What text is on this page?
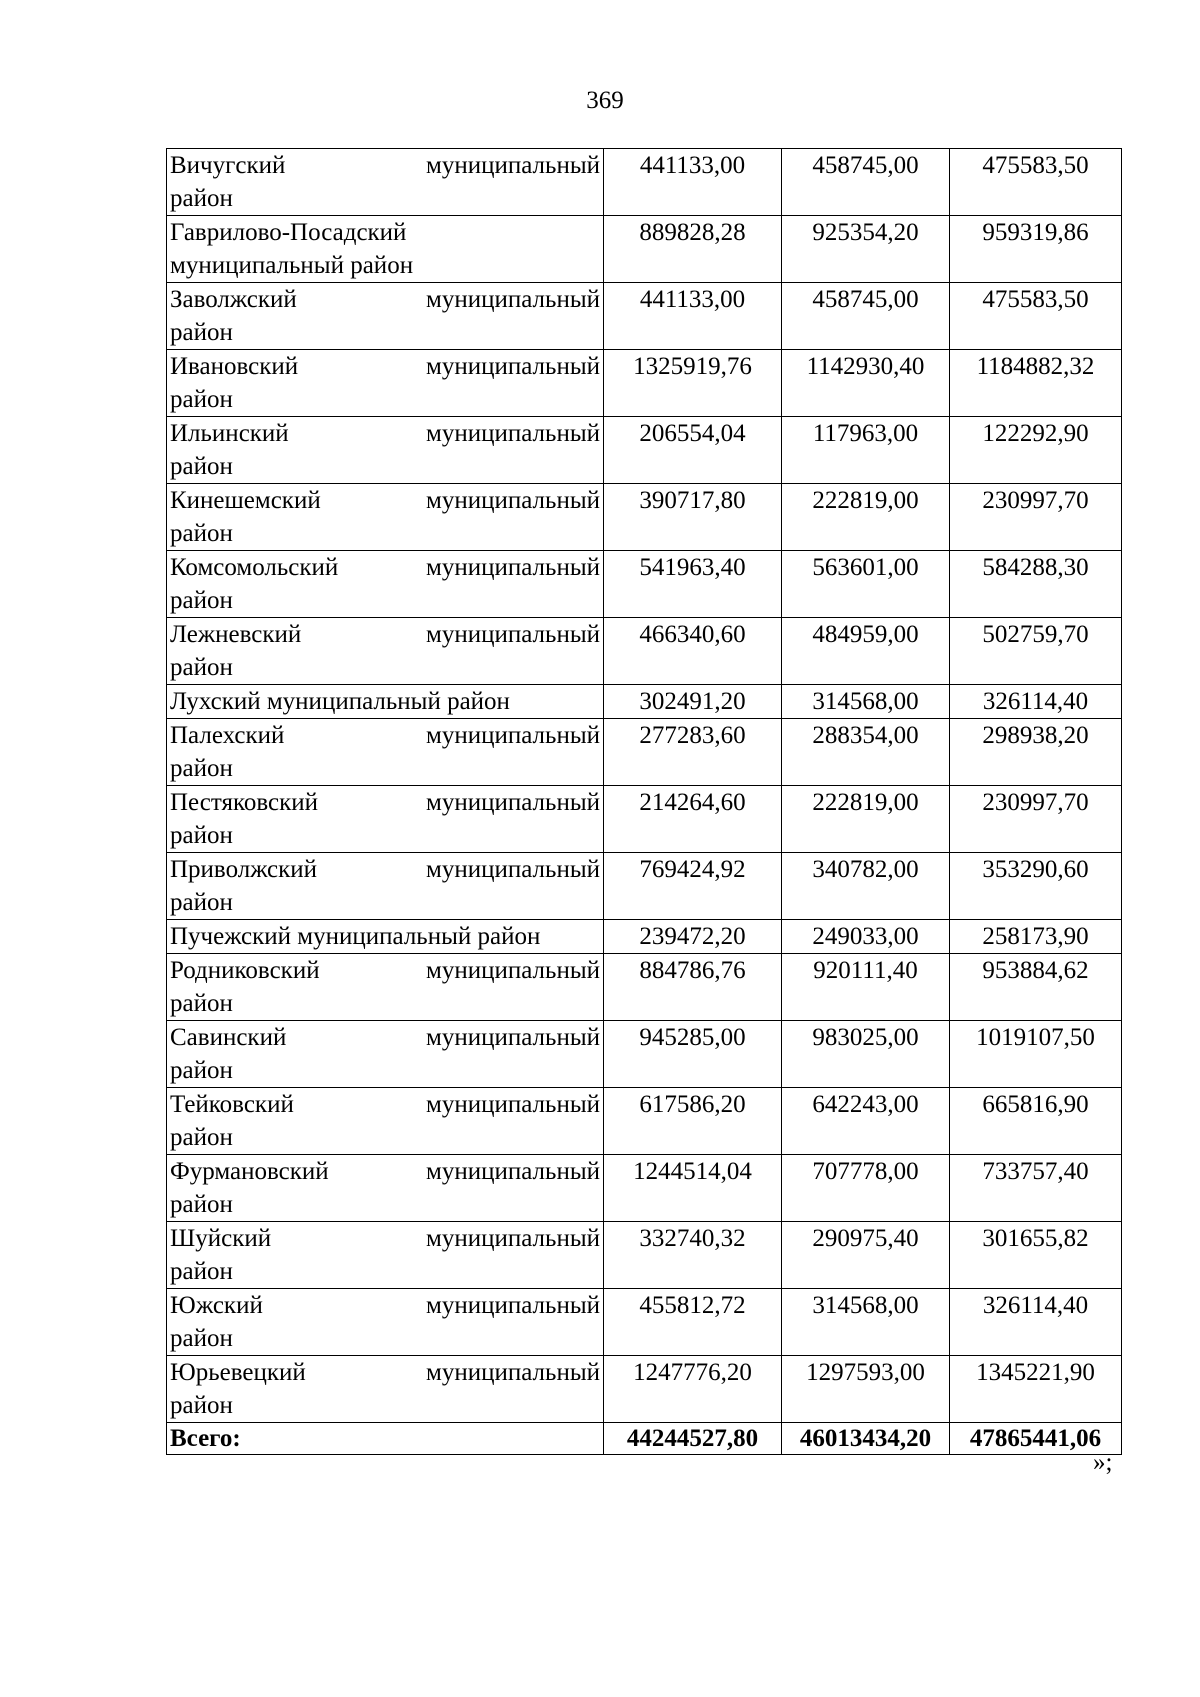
369
Вичугский муниципальный
район	441133,00	458745,00	475583,50

Гаврилово-Посадский
муниципальный район	889828,28	925354,20	959319,86

Заволжский муниципальный
район	441133,00	458745,00	475583,50

Ивановский муниципальный
район	1325919,76	1142930,40	1184882,32

Ильинский муниципальный
район	206554,04	117963,00	122292,90

Кинешемский муниципальный
район	390717,80	222819,00	230997,70

Комсомольский муниципальный
район	541963,40	563601,00	584288,30

Лежневский муниципальный
район	466340,60	484959,00	502759,70
Лухский муниципальный район	302491,20	314568,00	326114,40

Палехский муниципальный
район	277283,60	288354,00	298938,20

Пестяковский муниципальный
район	214264,60	222819,00	230997,70

Приволжский муниципальный
район	769424,92	340782,00	353290,60
Пучежский муниципальный район	239472,20	249033,00	258173,90

Родниковский муниципальный
район	884786,76	920111,40	953884,62

Савинский муниципальный
район	945285,00	983025,00	1019107,50

Тейковский муниципальный
район	617586,20	642243,00	665816,90

Фурмановский муниципальный
район	1244514,04	707778,00	733757,40

Шуйский муниципальный
район	332740,32	290975,40	301655,82

Южский муниципальный
район	455812,72	314568,00	326114,40

Юрьевецкий муниципальный
район	1247776,20	1297593,00	1345221,90
Всего:	44244527,80	46013434,20	47865441,06
»;
